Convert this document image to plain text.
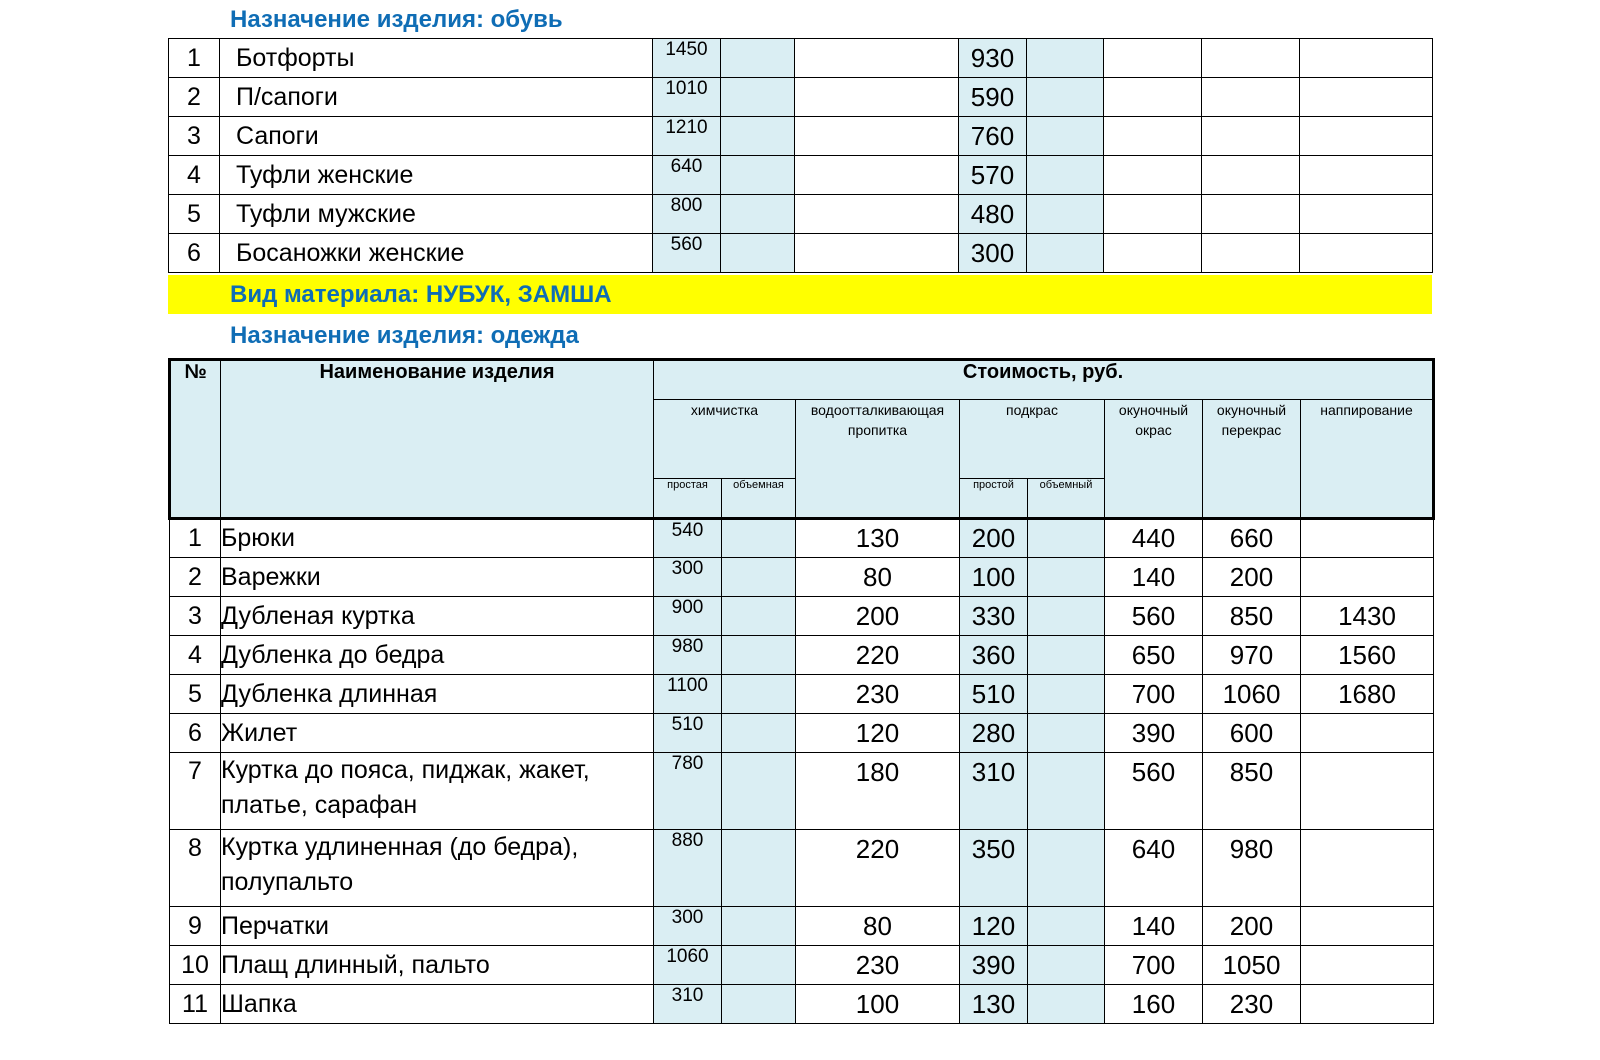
Назначение изделия: обувь
1	Ботфорты	1450			930				
2	П/сапоги	1010			590				
3	Сапоги	1210			760				
4	Туфли женские	640			570				
5	Туфли мужские	800			480				
6	Босаножки женские	560			300				
Вид материала: НУБУК, ЗАМША
Назначение изделия: одежда
№	Наименование изделия	Стоимость, руб.							
		химчистка		водоотталкивающая пропитка	подкрас		окуночный окрас	окуночный перекрас	наппирование
		простая	объемная		простой	объемный			
1	Брюки	540		130	200		440	660	
2	Варежки	300		80	100		140	200	
3	Дубленая куртка	900		200	330		560	850	1430
4	Дубленка до бедра	980		220	360		650	970	1560
5	Дубленка длинная	1100		230	510		700	1060	1680
6	Жилет	510		120	280		390	600	
7	Куртка до пояса, пиджак, жакет, платье, сарафан	780		180	310		560	850	
8	Куртка удлиненная (до бедра), полупальто	880		220	350		640	980	
9	Перчатки	300		80	120		140	200	
10	Плащ длинный, пальто	1060		230	390		700	1050	
11	Шапка	310		100	130		160	230	
